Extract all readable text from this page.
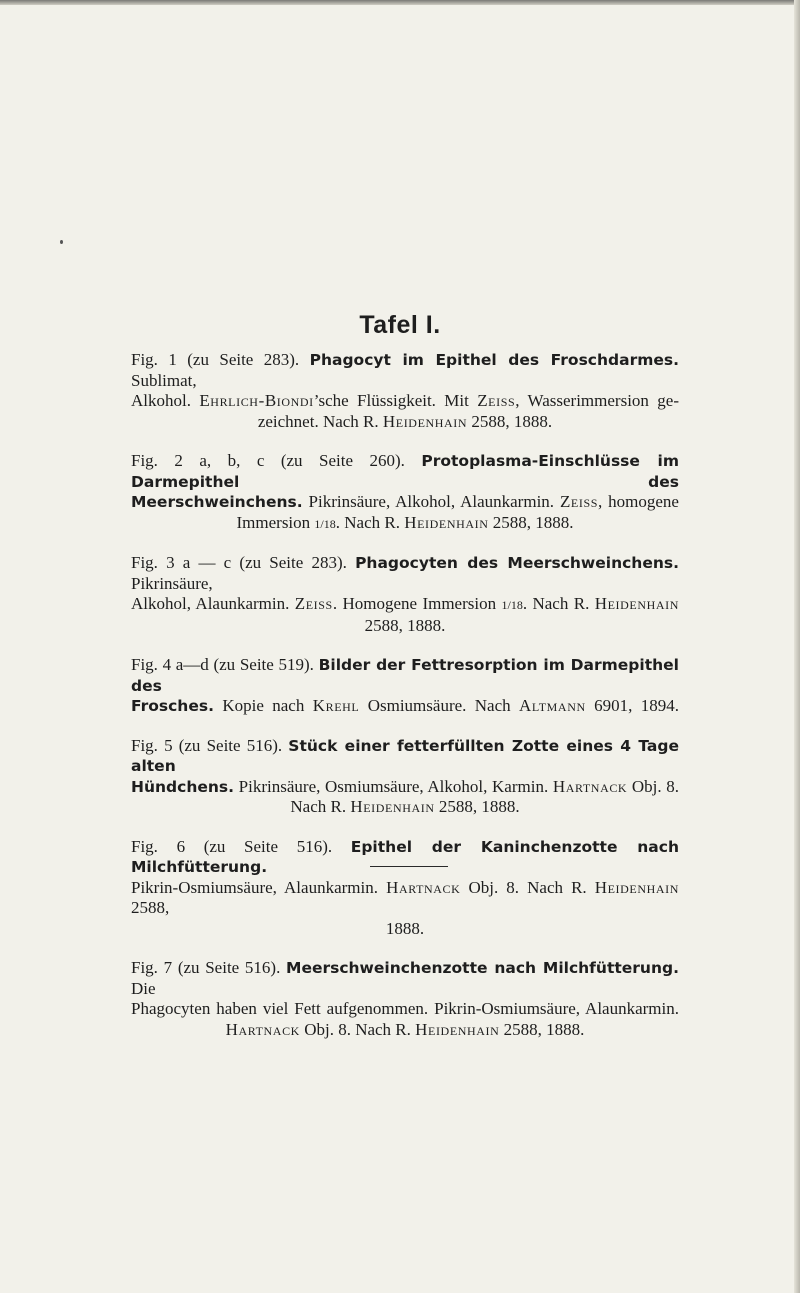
Tafel I.

Fig. 1 (zu Seite 283). Phagocyt im Epithel des Froschdarmes. Sublimat,

Alkohol. Ehrlich-Biondi’sche Flüssigkeit. Mit Zeiss, Wasserimmersion ge-

zeichnet. Nach R. Heidenhain 2588, 1888.

Fig. 2 a, b, c (zu Seite 260). Protoplasma-Einschlüsse im Darmepithel des

Meerschweinchens. Pikrinsäure, Alkohol, Alaunkarmin. Zeiss, homogene

Immersion 1/18. Nach R. Heidenhain 2588, 1888.

Fig. 3 a — c (zu Seite 283). Phagocyten des Meerschweinchens. Pikrinsäure,

Alkohol, Alaunkarmin. Zeiss. Homogene Immersion 1/18. Nach R. Heidenhain

2588, 1888.

Fig. 4 a—d (zu Seite 519). Bilder der Fettresorption im Darmepithel des

Frosches. Kopie nach Krehl Osmiumsäure. Nach Altmann 6901, 1894.

Fig. 5 (zu Seite 516). Stück einer fetterfüllten Zotte eines 4 Tage alten

Hündchens. Pikrinsäure, Osmiumsäure, Alkohol, Karmin. Hartnack Obj. 8.

Nach R. Heidenhain 2588, 1888.

Fig. 6 (zu Seite 516). Epithel der Kaninchenzotte nach Milchfütterung.

Pikrin-Osmiumsäure, Alaunkarmin. Hartnack Obj. 8. Nach R. Heidenhain 2588,

1888.

Fig. 7 (zu Seite 516). Meerschweinchenzotte nach Milchfütterung. Die

Phagocyten haben viel Fett aufgenommen. Pikrin-Osmiumsäure, Alaunkarmin.

Hartnack Obj. 8. Nach R. Heidenhain 2588, 1888.
